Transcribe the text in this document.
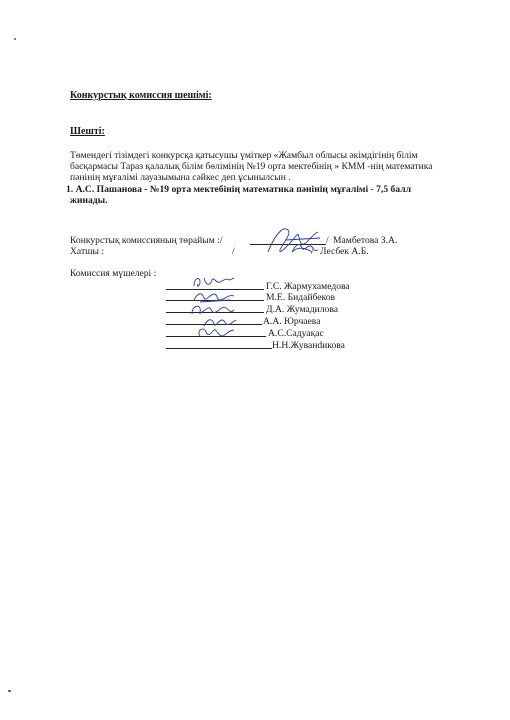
Конкурстық комиссия шешімі:
Шешті:
Төмендегі тізімдегі конкурсқа қатысушы үміткер «Жамбыл облысы әкімдігінің білім
басқармасы Тараз қалалық білім бөлімінің №19 орта мектебінің » КММ -нің математика
пәнінің мұғалімі лауазымына сәйкес деп ұсынылсын .
1. А.С. Пашанова - №19 орта мектебінің математика пәнінің мұғалімі - 7,5 балл
жинады.
Конкурстық комиссияның төрайым :/	/ Мамбетова З.А.
Хатшы :	/	/ Лесбек А.Б.
Комиссия мүшелері :
Г.С. Жармухамедова
М.Е. Бидайбеков
Д.А. Жумадилова
А.А. Юрчаева
А.С.Садуақас
Н.Н.Жуванdикова
